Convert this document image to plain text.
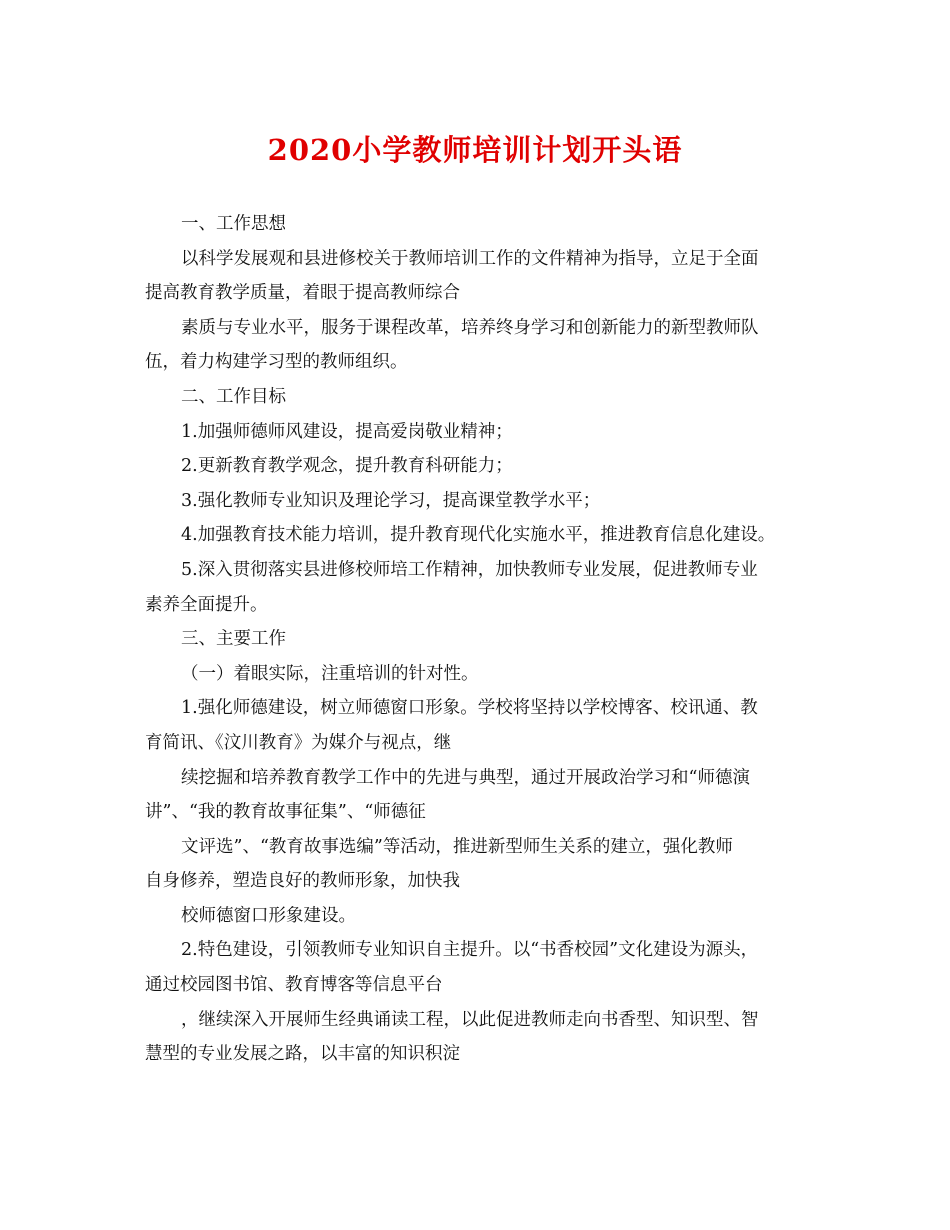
2020小学教师培训计划开头语
一、工作思想
以科学发展观和县进修校关于教师培训工作的文件精神为指导，立足于全面
提高教育教学质量，着眼于提高教师综合
素质与专业水平，服务于课程改革，培养终身学习和创新能力的新型教师队
伍，着力构建学习型的教师组织。
二、工作目标
1.加强师德师风建设，提高爱岗敬业精神；
2.更新教育教学观念，提升教育科研能力；
3.强化教师专业知识及理论学习，提高课堂教学水平；
4.加强教育技术能力培训，提升教育现代化实施水平，推进教育信息化建设。
5.深入贯彻落实县进修校师培工作精神，加快教师专业发展，促进教师专业
素养全面提升。
三、主要工作
（一）着眼实际，注重培训的针对性。
1.强化师德建设，树立师德窗口形象。学校将坚持以学校博客、校讯通、教
育简讯、《汶川教育》为媒介与视点，继
续挖掘和培养教育教学工作中的先进与典型，通过开展政治学习和“师德演
讲”、“我的教育故事征集”、“师德征
文评选”、“教育故事选编”等活动，推进新型师生关系的建立，强化教师
自身修养，塑造良好的教师形象，加快我
校师德窗口形象建设。
2.特色建设，引领教师专业知识自主提升。以“书香校园”文化建设为源头，
通过校园图书馆、教育博客等信息平台
，继续深入开展师生经典诵读工程，以此促进教师走向书香型、知识型、智
慧型的专业发展之路，以丰富的知识积淀
